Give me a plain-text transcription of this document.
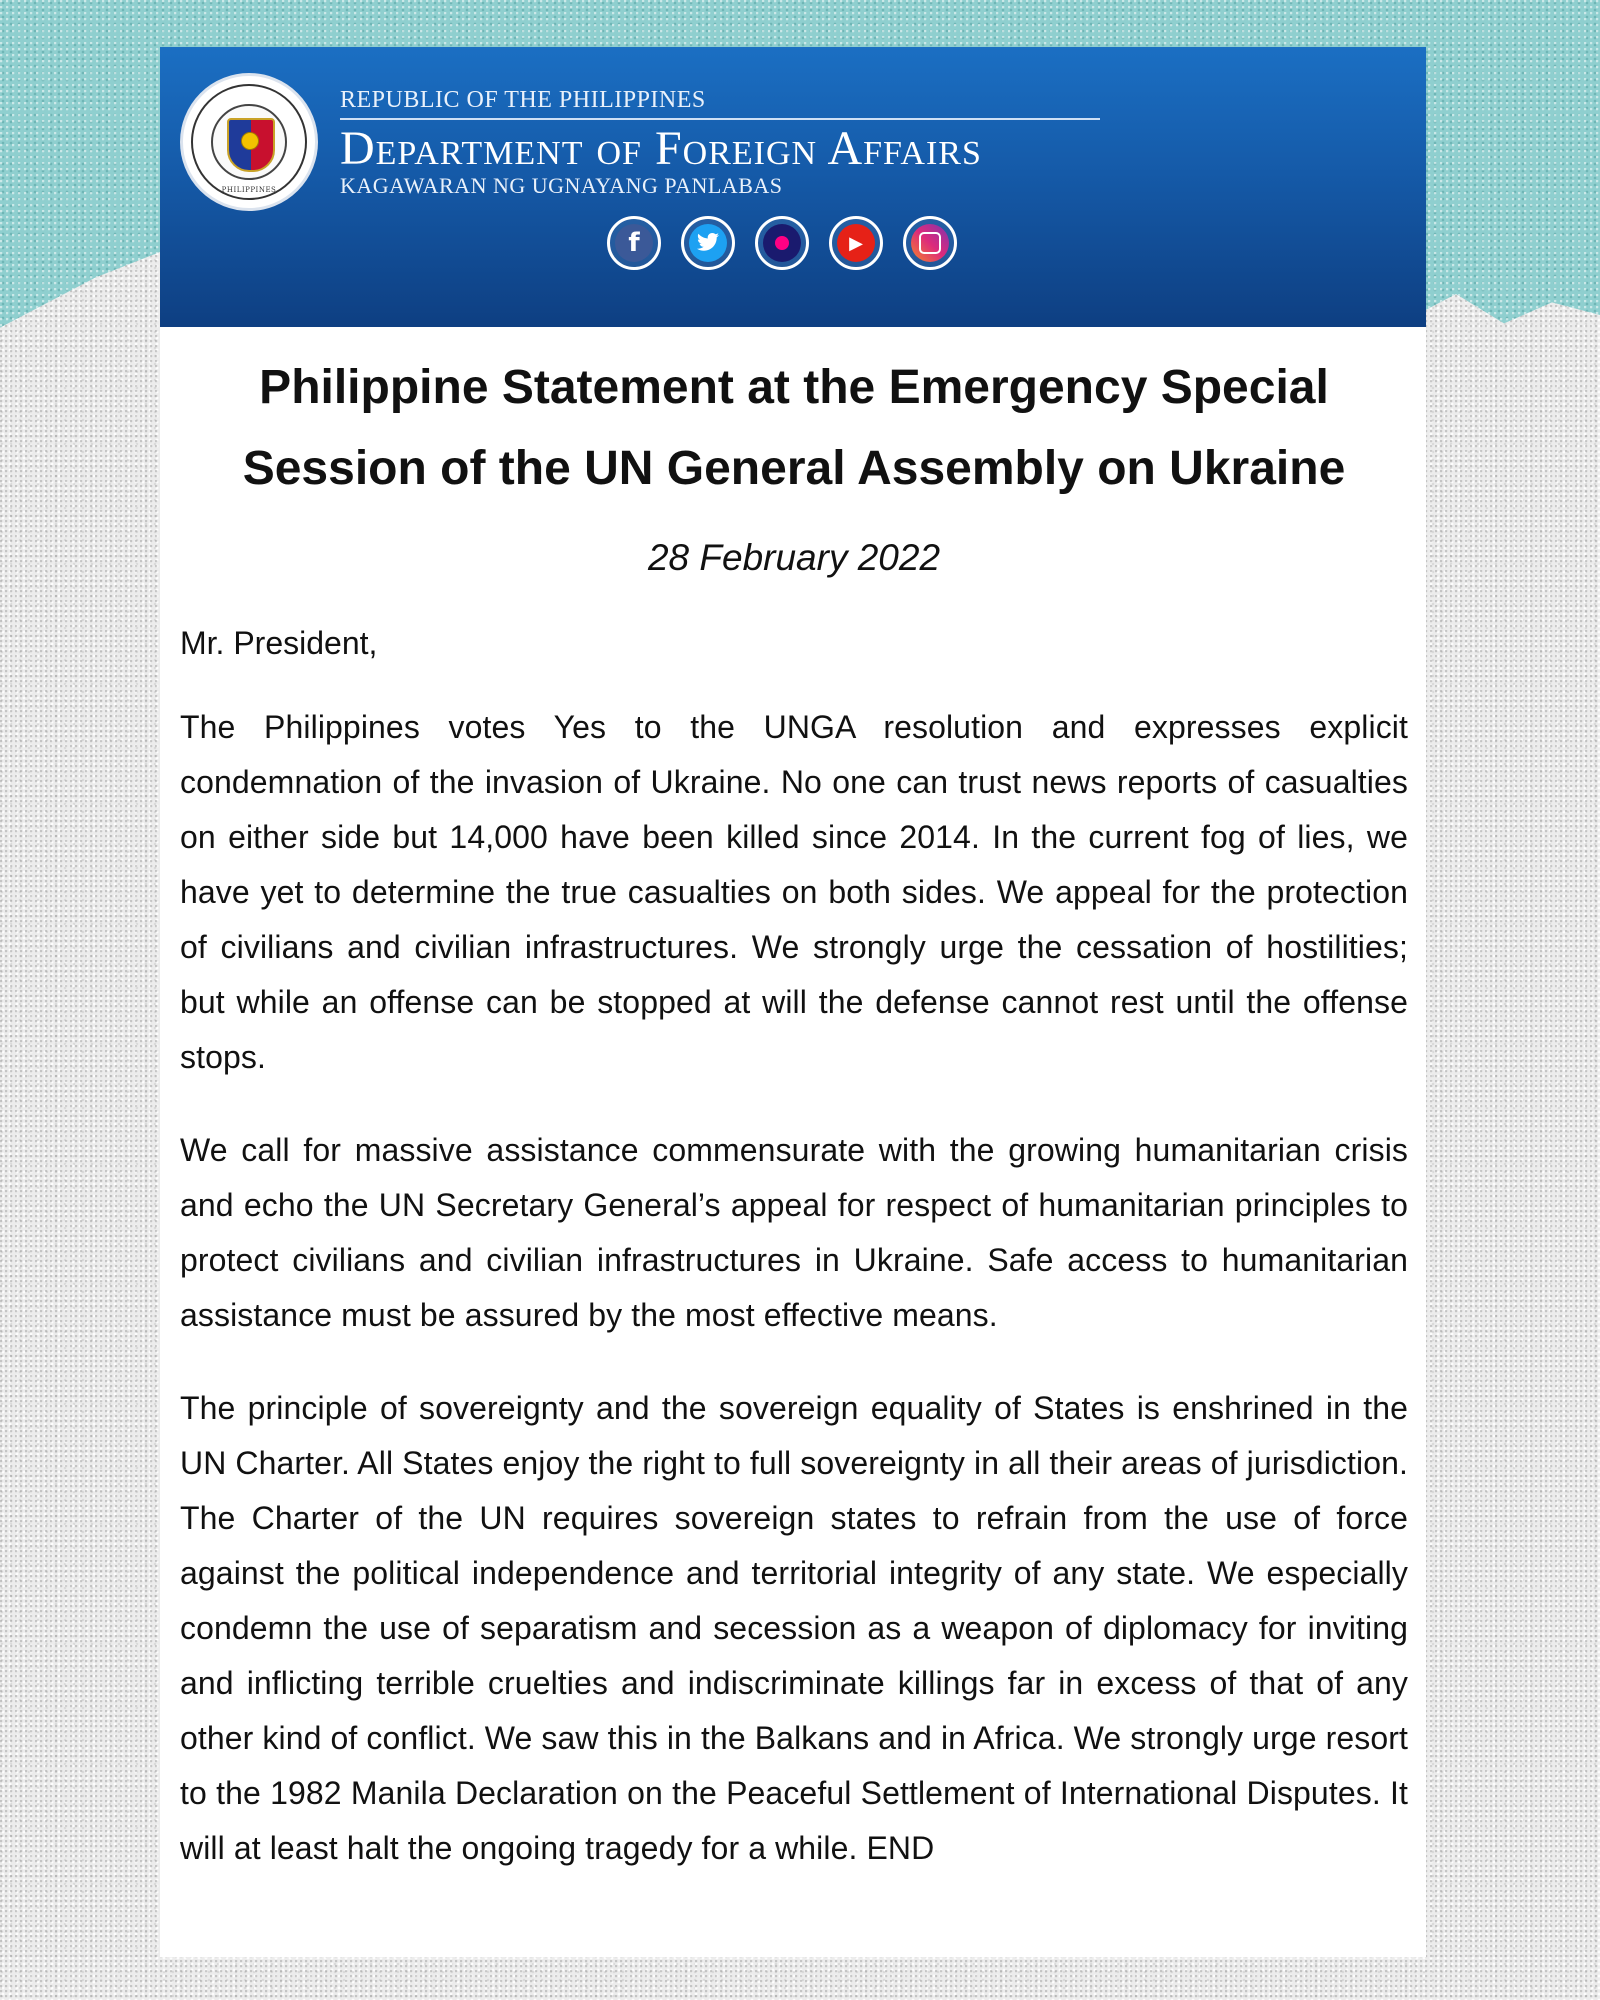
PHILIPPINES
REPUBLIC OF THE PHILIPPINES
Department of Foreign Affairs
KAGAWARAN NG UGNAYANG PANLABAS
f	▶
Philippine Statement at the Emergency Special Session of the UN General Assembly on Ukraine
28 February 2022
Mr. President,

The Philippines votes Yes to the UNGA resolution and expresses explicit condemnation of the invasion of Ukraine. No one can trust news reports of casualties on either side but 14,000 have been killed since 2014. In the current fog of lies, we have yet to determine the true casualties on both sides. We appeal for the protection of civilians and civilian infrastructures. We strongly urge the cessation of hostilities; but while an offense can be stopped at will the defense cannot rest until the offense stops.

We call for massive assistance commensurate with the growing humanitarian crisis and echo the UN Secretary General’s appeal for respect of humanitarian principles to protect civilians and civilian infrastructures in Ukraine. Safe access to humanitarian assistance must be assured by the most effective means.

The principle of sovereignty and the sovereign equality of States is enshrined in the UN Charter. All States enjoy the right to full sovereignty in all their areas of jurisdiction. The Charter of the UN requires sovereign states to refrain from the use of force against the political independence and territorial integrity of any state. We especially condemn the use of separatism and secession as a weapon of diplomacy for inviting and inflicting terrible cruelties and indiscriminate killings far in excess of that of any other kind of conflict. We saw this in the Balkans and in Africa. We strongly urge resort to the 1982 Manila Declaration on the Peaceful Settlement of International Disputes. It will at least halt the ongoing tragedy for a while. END
